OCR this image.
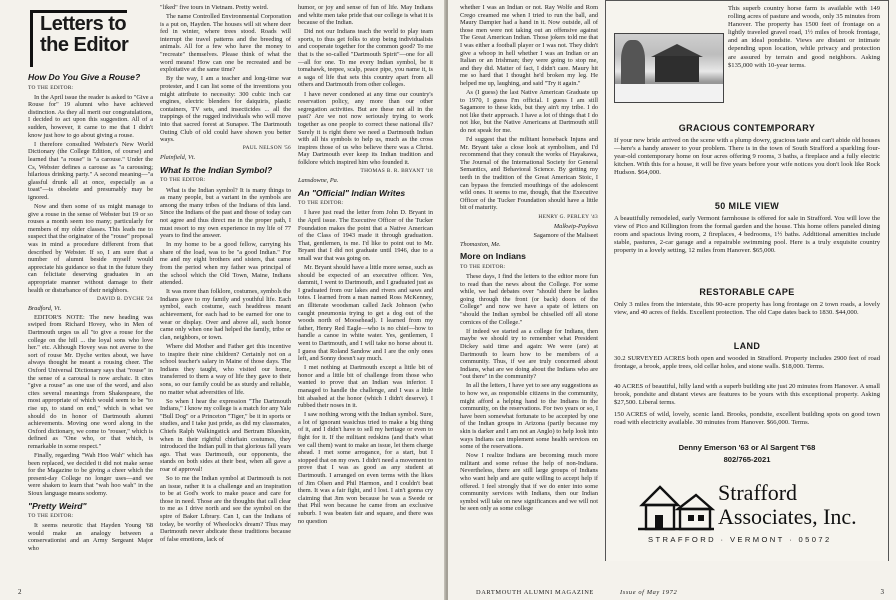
Letters to
the Editor
How Do You Give a Rouse?

TO THE EDITOR:

In the April issue the reader is asked to "Give a Rouse for" 19 alumni who have achieved distinction. As they all merit our congratulations, I decided to act upon this suggestion. All of a sudden, however, it came to me that I didn't know just how to go about giving a rouse.

I therefore consulted Webster's New World Dictionary (the College Edition, of course) and learned that "a rouse" is "a carouse." Under the Cs, Webster defines a carouse as "a carousing; hilarious drinking party." A second meaning—"a glassful drunk all at once, especially as a toast"—is obsolete and presumably may be ignored.

Now and then some of us might manage to give a rouse in the sense of Webster but 19 or so rouses a month seem too many; particularly for members of my older classes. This leads me to suspect that the originator of the "rouse" proposal was in mind a procedure different from that described by Webster. If so, I am sure that a number of alumni beside myself would appreciate his guidance so that in the future they can felicitate deserving graduates in an appropriate manner without damage to their health or disturbance of their neighbors.

DAVID B. DYCHE '24

Bradford, Vt.

EDITOR'S NOTE: The new heading was swiped from Richard Hovey, who in Men of Dartmouth urges us all "to give a rouse for the college on the hill ... the loyal sons who love her." etc. Although Hovey was not averse to the sort of rouse Mr. Dyche writes about, we have always thought he meant a rousing cheer. The Oxford Universal Dictionary says that "rouse" in the sense of a carousal is now archaic. It cites "give a rouse" as one use of the word, and also cites several meanings from Shakespeare, the most appropriate of which would seem to be "to rise up, to stand on end," which is what we should do in honor of Dartmouth alumni achievements. Moving one word along in the Oxford dictionary, we come to "rouser," which is defined as "One who, or that which, is remarkable in some respect."

Finally, regarding "Wah Hoo Wah" which has been replaced, we decided it did not make sense for the Magazine to be giving a cheer which the present-day College no longer uses—and we were shaken to learn that "wah hoo wah" in the Sioux language means sodomy.

"Pretty Weird"

TO THE EDITOR:

It seems neurotic that Hayden Young '68 would make an analogy between a conservationist and an Army Sergeant Major who

"liked" five tours in Vietnam. Pretty weird.

The name Controlled Environmental Corporation is a put on, Hayden. The houses will sit where deer fed in winter, where trees stood. Roads will interrupt the travel patterns and the breeding of animals. All for a few who have the money to "recreate" themselves. Please think of what the word means! How can one be recreated and be exploitative at the same time?

By the way, I am a teacher and long-time war protester, and I can list some of the inventions you might attribute to necessity: 300 cubic inch car engines, electric blenders for daiquiris, plastic containers, TV sets, and insecticides ... all the trappings of the rugged individuals who will move into that sacred forest at Sunapee. The Dartmouth Outing Club of old could have shown you better ways.

PAUL NELSON '56

Plainfield, Vt.

What Is the Indian Symbol?

TO THE EDITOR:

What is the Indian symbol? It is many things to as many people, but a variant in the symbols are among the many tribes of the Indians of this land. Since the Indians of the past and those of today can not agree and thus direct me in the proper path, I must resort to my own experience in my life of 77 years to find the answer.

In my home to be a good fellow, carrying his share of the load, was to be "a good Indian." For me and my eight brothers and sisters, that came from the period when my father was principal of the school which the Old Town, Maine, Indians attended.

It was more than folklore, costumes, symbols the Indians gave to my family and youthful life. Each symbol, each costume, each headdress meant achievement, for each had to be earned for one to wear or display. Over and above all, such honor came only when one had helped the family, tribe or clan, neighbors, or town.

Where did Mother and Father get this incentive to inspire their nine children? Certainly not on a school teacher's salary in Maine of those days. The Indians they taught, who visited our home, transferred to them a way of life they gave to their sons, so our family could be as sturdy and reliable, no matter what adversities of life.

So when I hear the expression "The Dartmouth Indians," I know my college is a match for any Yale "Bull Dog" or a Princeton "Tiger," be it in sports or studies, and I take just pride, as did my classmates, Chiefs Ralph Walkingstick and Bertram Blueskin, when in their rightful chieftain costumes, they introduced the Indian pull in that glorious fall years ago. That was Dartmouth, our opponents, the stands on both sides at their best, when all gave a roar of approval!

So to me the Indian symbol at Dartmouth is not an issue, rather it is a challenge and an inspiration to be at God's work to make peace and care for those in need. Those are the thoughts that call clear to me as I drive north and see the symbol on the spire of Baker Library. Can I, can the Indians of today, be worthy of Wheelock's dream? Thus may Dartmouth never abdicate these traditions because of false emotions, lack of

humor, or joy and sense of fun of life. May Indians and white men take pride that our college is what it is because of the Indian.

Did not our Indians teach the world to play team sports, to thus get folks to stop being individualists and cooperate together for the common good? To me that is the so-called "Dartmouth Spirit"—one for all—all for one. To me every Indian symbol, be it tomahawk, teepee, scalp, peace pipe, you name it, is a saga of life that sets this country apart from all others and Dartmouth from other colleges.

I have never condoned at any time our country's reservation policy, any more than our other segregation activities. But are these not all in the past? Are we not now seriously trying to work together as one people to correct these national ills? Surely it is right there we need a Dartmouth Indian with all his symbols to help us, much as the cross inspires those of us who believe there was a Christ. May Dartmouth ever keep its Indian tradition and folklore which inspired him who founded it.

THOMAS B. R. BRYANT '18

Lansdowne, Pa.

An "Official" Indian Writes

TO THE EDITOR:

I have just read the letter from John D. Bryant in the April issue. The Executive Officer of the Tucker Foundation makes the point that a Native American of the Class of 1943 made it through graduation. That, gentlemen, is me. I'd like to point out to Mr. Bryant that I did not graduate until 1946, due to a small war that was going on.

Mr. Bryant should have a little more sense, such as should be expected of an executive officer. Yes, dammit, I went to Dartmouth, and I graduated just as I graduated from our lakes and rivers and saws and totes. I learned from a man named Ross McKenney, an illiterate woodsman called Jack Johnson (who caught pneumonia trying to get a dog out of the woods north of Moosehead). I learned from my father, Henry Red Eagle—who is no chief—how to handle a canoe in white water. Yes, gentlemen, I went to Dartmouth, and I will take no horse about it. I guess that Roland Sandow and I are the only ones left, and Sonny doesn't say much.

I met nothing at Dartmouth except a little bit of honor and a little bit of challenge from those who wanted to prove that an Indian was inferior. I managed to handle the challenge, and I was a little bit abashed at the honor (which I didn't deserve). I rubbed their noses in it.

I saw nothing wrong with the Indian symbol. Sure, a lot of ignorant wasichus tried to make a big thing of it, and I didn't have to sell my heritage or even to fight for it. If the militant redskins (and that's what we call them) want to make an issue, let them charge ahead. I met some arrogance, for a start, but I stopped that on my own. I didn't need a movement to prove that I was as good as any student at Dartmouth. I arranged on even terms with the likes of Jim Olsen and Phil Harmon, and I couldn't beat them. It was a fair fight, and I lost. I ain't gonna cry claiming that Jim won because he was a Swede or that Phil won because he came from an exclusive suburb. I was beaten fair and square, and there was no question

2

whether I was an Indian or not. Ray Wolfe and Rom Crego creamed me when I tried to run the ball, and Maury Dampier had a hand in it. Now outside, all of those men were not taking out an offensive against The Great American Indian. Those jokers told me that I was either a football player or I was not. They didn't give a whoop in hell whether I was an Indian or an Italian or an Irishman; they were going to stop me, and they did. Matter of fact, I didn't care. Maury hit me so hard that I thought he'd broken my leg. He helped me up, laughing, and said "Try it again."

As (I guess) the last Native American Graduate up to 1970, I guess I'm official. I guess I am still Sagamore to these kids, but they ain't my tribe. I do not like their approach. I have a lot of things that I do not like, but the Native Americans at Dartmouth still do not speak for me.

I'd suggest that the militant horseback Injuns and Mr. Bryant take a close look at symbolism, and I'd recommend that they consult the works of Hayakawa, The Journal of the International Society for General Semantics, and Behavioral Science. By getting my teeth in the tradition of the Great American Stoic, I can bypass the frenzied mouthings of the adolescent wild ones. It seems to me, though, that the Executive Officer of the Tucker Foundation should have a little bit of maturity.

HENRY G. PERLEY '43

Malkwip-Paykwa

Sagamore of the Maliseet

Thomaston, Me.

More on Indians

TO THE EDITOR:

These days, I find the letters to the editor more fun to read than the news about the College. For some while, we had debates over "should there be ladies going through the front (or back) doors of the College" and now we have a spate of letters on "should the Indian symbol be chiselled off all stone cornices of the College."

If indeed we started as a college for Indians, then maybe we should try to remember what President Dickey said time and again: We were (are) at Dartmouth to learn how to be members of a community. Thus, if we are truly concerned about Indians, what are we doing about the Indians who are "out there" in the community?

In all the letters, I have yet to see any suggestions as to how we, as responsible citizens in the community, might afford a helping hand to the Indians in the community, on the reservations. For two years or so, I have been somewhat fortunate to be accepted by one of the Indian groups in Arizona (partly because my skin is darker and I am not an Anglo) to help look into ways Indians can implement some health services on some of the reservations.

Now I realize Indians are becoming much more militant and some refuse the help of non-Indians. Nevertheless, there are still large groups of Indians who want help and are quite willing to accept help if offered. I feel strongly that if we do enter into some community services with Indians, then our Indian symbol will take on new significances and we will not be seen only as some college

3
DARTMOUTH ALUMNI MAGAZINE	Issue of May 1972

This superb country horse farm is available with 149 rolling acres of pasture and woods, only 35 minutes from Hanover. The property has 1500 feet of frontage on a lightly traveled gravel road, 1½ miles of brook frontage, and an ideal pondsite. Views are distant or intimate depending upon location, while privacy and protection are assured by terrain and good neighbors. Asking $135,000 with 10-year terms.

GRACIOUS CONTEMPORARY

If your new bride arrived on the scene with a plump dowry, gracious taste and can't abide old houses—here's a handy answer to your problem. There is in the town of South Strafford a sparkling four-year-old contemporary home on four acres offering 9 rooms, 3 baths, a fireplace and a fully electric kitchen. With this for a house, it will be five years before your wife notices you don't look like Rock Hudson. $64,000.

50 MILE VIEW

A beautifully remodeled, early Vermont farmhouse is offered for sale in Strafford. You will love the view of Pico and Killington from the formal garden and the house. This home offers paneled dining room and spacious living room, 2 fireplaces, 4 bedrooms, 1½ baths. Additional amenities include stable, pastures, 2-car garage and a repairable swimming pool. Here is a truly exquisite country property in a lovely setting, 12 miles from Hanover. $65,000.

RESTORABLE CAPE

Only 3 miles from the interstate, this 90-acre property has long frontage on 2 town roads, a lovely view, and 40 acres of fields. Excellent protection. The old Cape dates back to 1830. $44,000.

LAND

30.2 SURVEYED ACRES both open and wooded in Strafford. Property includes 2900 feet of road frontage, a brook, apple trees, old cellar holes, and stone walls. $18,000. Terms.

40 ACRES of beautiful, hilly land with a superb building site just 20 minutes from Hanover. A small brook, pondsite and distant views are features to be yours with this exceptional property. Asking $27,500. Liberal terms.

150 ACRES of wild, lovely, scenic land. Brooks, pondsite, excellent building spots on good town road with electricity available. 30 minutes from Hanover. $66,000. Terms.

Denny Emerson '63 or Al Sargent T'68
802/765-2021
Strafford
Associates, Inc.
STRAFFORD · VERMONT · 05072
